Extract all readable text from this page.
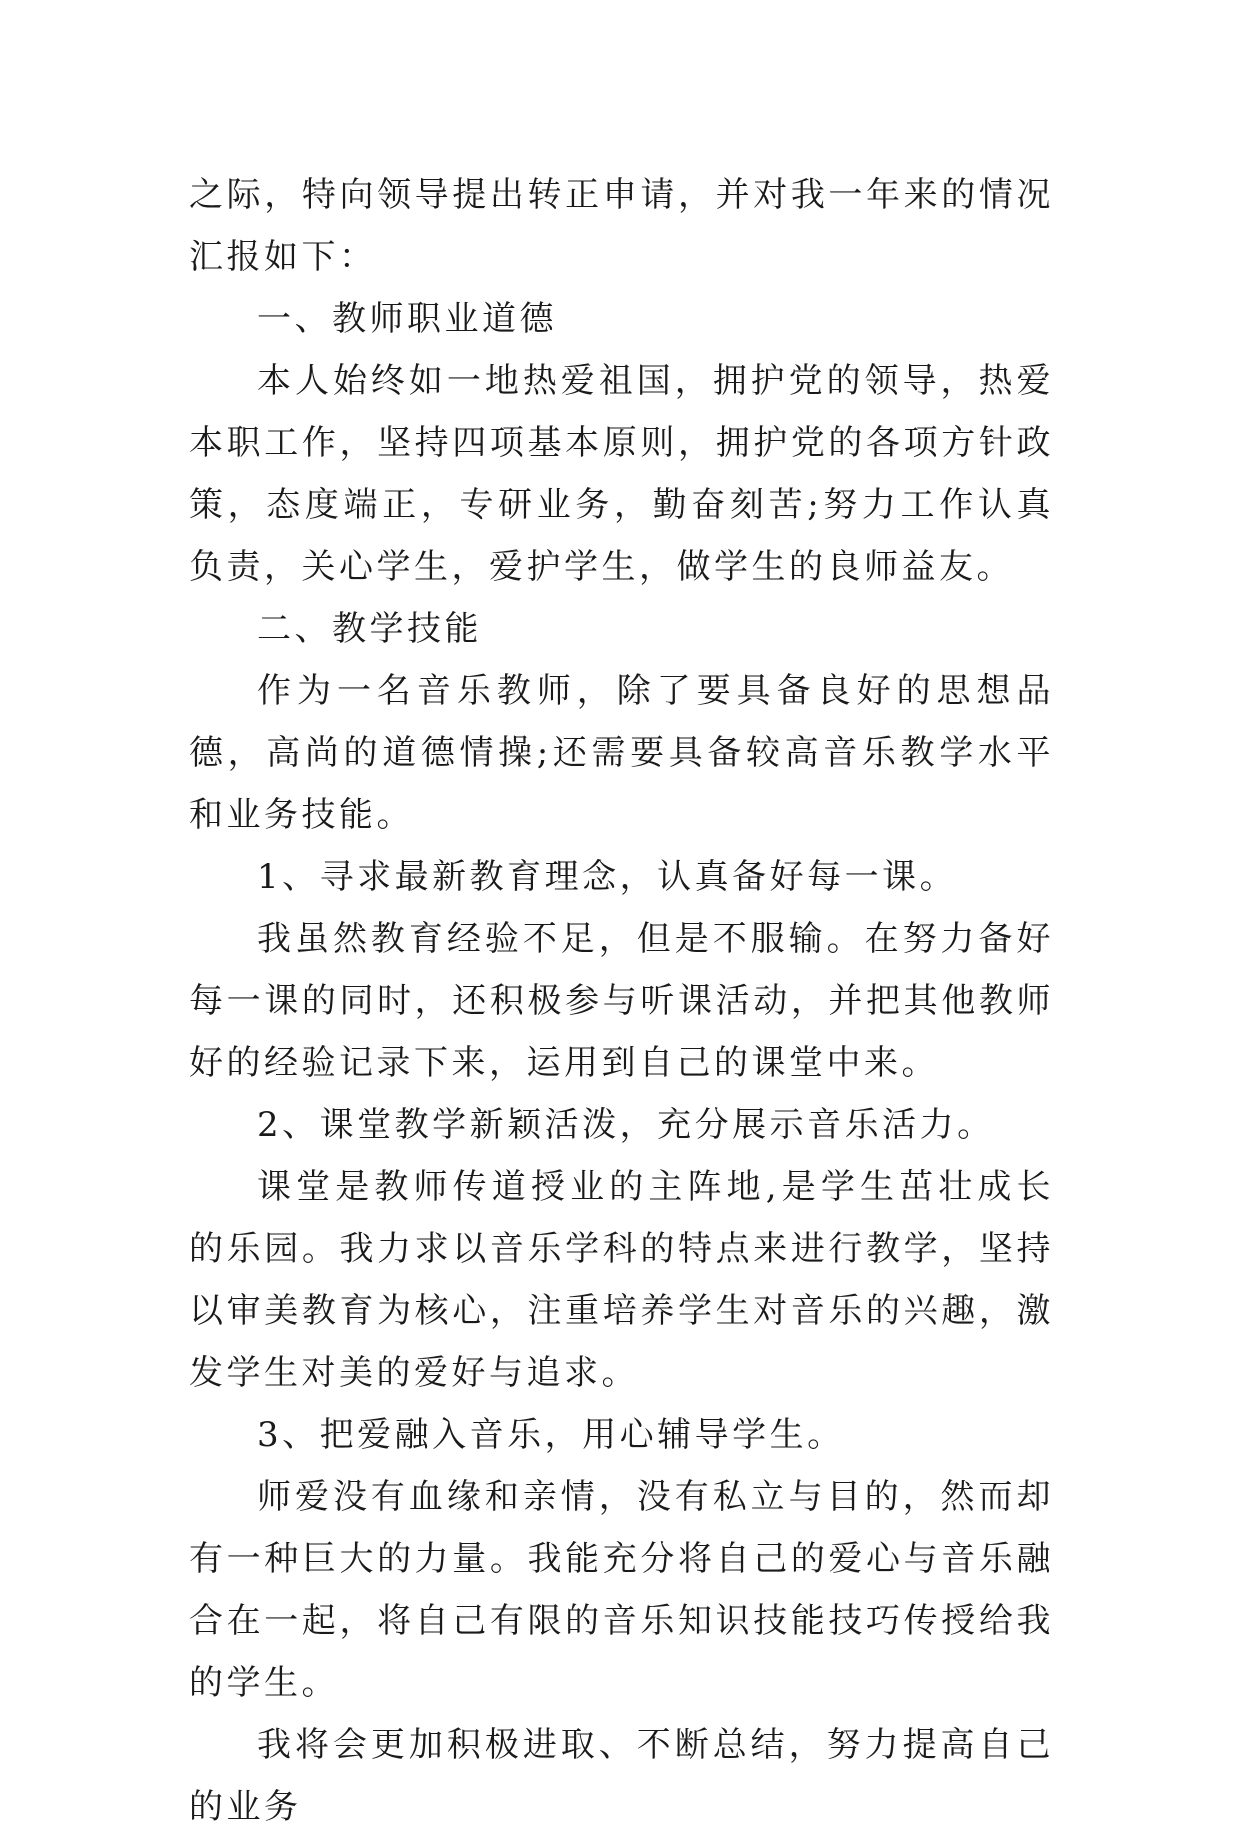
之际，特向领导提出转正申请，并对我一年来的情况汇报如下：

一、教师职业道德

本人始终如一地热爱祖国，拥护党的领导，热爱本职工作，坚持四项基本原则，拥护党的各项方针政策，态度端正，专研业务，勤奋刻苦;努力工作认真负责，关心学生，爱护学生，做学生的良师益友。

二、教学技能

作为一名音乐教师，除了要具备良好的思想品德，高尚的道德情操;还需要具备较高音乐教学水平和业务技能。

1、寻求最新教育理念，认真备好每一课。

我虽然教育经验不足，但是不服输。在努力备好每一课的同时，还积极参与听课活动，并把其他教师好的经验记录下来，运用到自己的课堂中来。

2、课堂教学新颖活泼，充分展示音乐活力。

课堂是教师传道授业的主阵地,是学生茁壮成长的乐园。我力求以音乐学科的特点来进行教学，坚持以审美教育为核心，注重培养学生对音乐的兴趣，激发学生对美的爱好与追求。

3、把爱融入音乐，用心辅导学生。

师爱没有血缘和亲情，没有私立与目的，然而却有一种巨大的力量。我能充分将自己的爱心与音乐融合在一起，将自己有限的音乐知识技能技巧传授给我的学生。

我将会更加积极进取、不断总结，努力提高自己的业务
